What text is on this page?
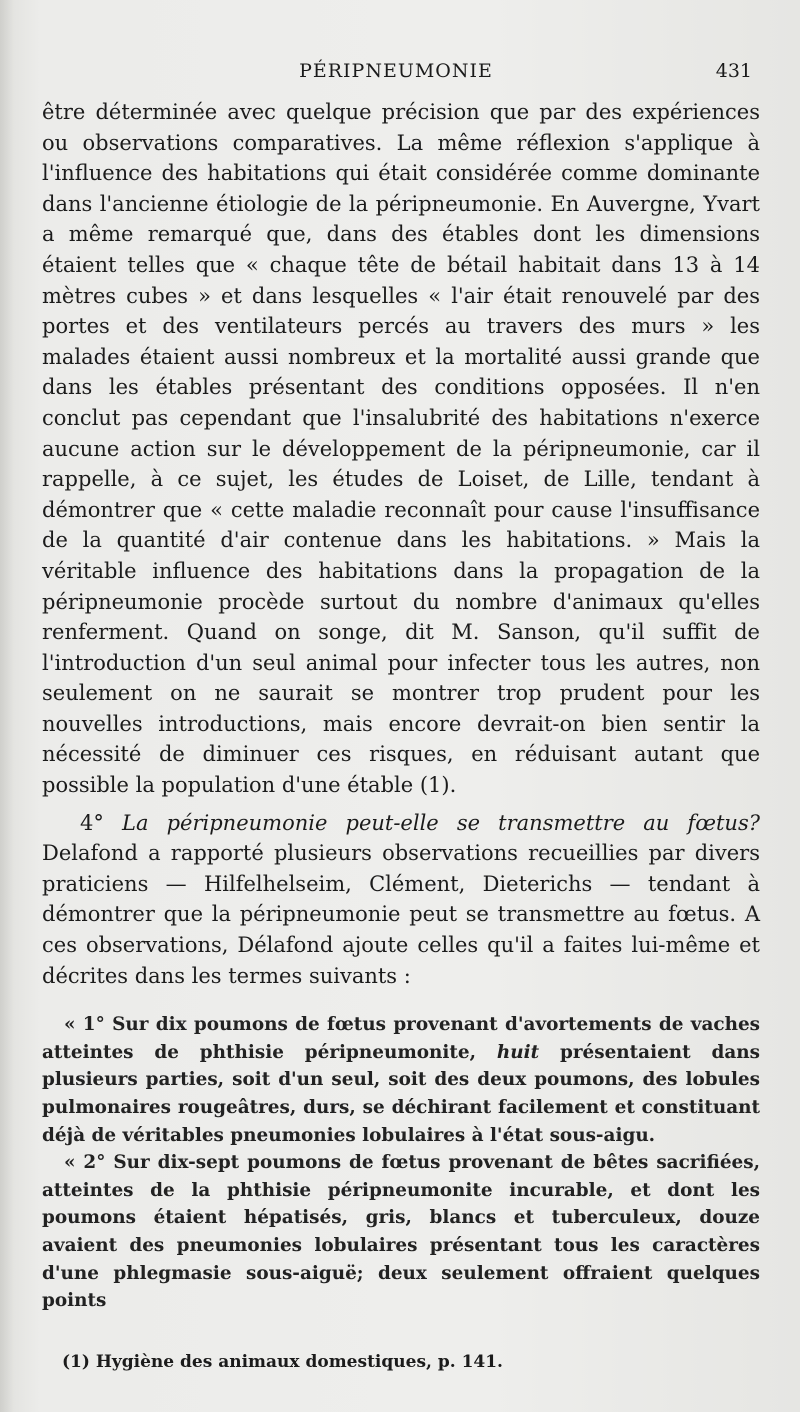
PÉRIPNEUMONIE	431

être déterminée avec quelque précision que par des expériences ou observations comparatives. La même réflexion s'applique à l'influence des habitations qui était considérée comme dominante dans l'ancienne étiologie de la péripneumonie. En Auvergne, Yvart a même remarqué que, dans des étables dont les dimensions étaient telles que « chaque tête de bétail habitait dans 13 à 14 mètres cubes » et dans lesquelles « l'air était renouvelé par des portes et des ventilateurs percés au travers des murs » les malades étaient aussi nombreux et la mortalité aussi grande que dans les étables présentant des conditions opposées. Il n'en conclut pas cependant que l'insalubrité des habitations n'exerce aucune action sur le développement de la péripneumonie, car il rappelle, à ce sujet, les études de Loiset, de Lille, tendant à démontrer que « cette maladie reconnaît pour cause l'insuffisance de la quantité d'air contenue dans les habitations. » Mais la véritable influence des habitations dans la propagation de la péripneumonie procède surtout du nombre d'animaux qu'elles renferment. Quand on songe, dit M. Sanson, qu'il suffit de l'introduction d'un seul animal pour infecter tous les autres, non seulement on ne saurait se montrer trop prudent pour les nouvelles introductions, mais encore devrait-on bien sentir la nécessité de diminuer ces risques, en réduisant autant que possible la population d'une étable (1).

4° La péripneumonie peut-elle se transmettre au fœtus? Delafond a rapporté plusieurs observations recueillies par divers praticiens — Hilfelhelseim, Clément, Dieterichs — tendant à démontrer que la péripneumonie peut se transmettre au fœtus. A ces observations, Délafond ajoute celles qu'il a faites lui-même et décrites dans les termes suivants :

« 1° Sur dix poumons de fœtus provenant d'avortements de vaches atteintes de phthisie péripneumonite, huit présentaient dans plusieurs parties, soit d'un seul, soit des deux poumons, des lobules pulmonaires rougeâtres, durs, se déchirant facilement et constituant déjà de véritables pneumonies lobulaires à l'état sous-aigu.

« 2° Sur dix-sept poumons de fœtus provenant de bêtes sacrifiées, atteintes de la phthisie péripneumonite incurable, et dont les poumons étaient hépatisés, gris, blancs et tuberculeux, douze avaient des pneumonies lobulaires présentant tous les caractères d'une phlegmasie sous-aiguë; deux seulement offraient quelques points

(1) Hygiène des animaux domestiques, p. 141.
